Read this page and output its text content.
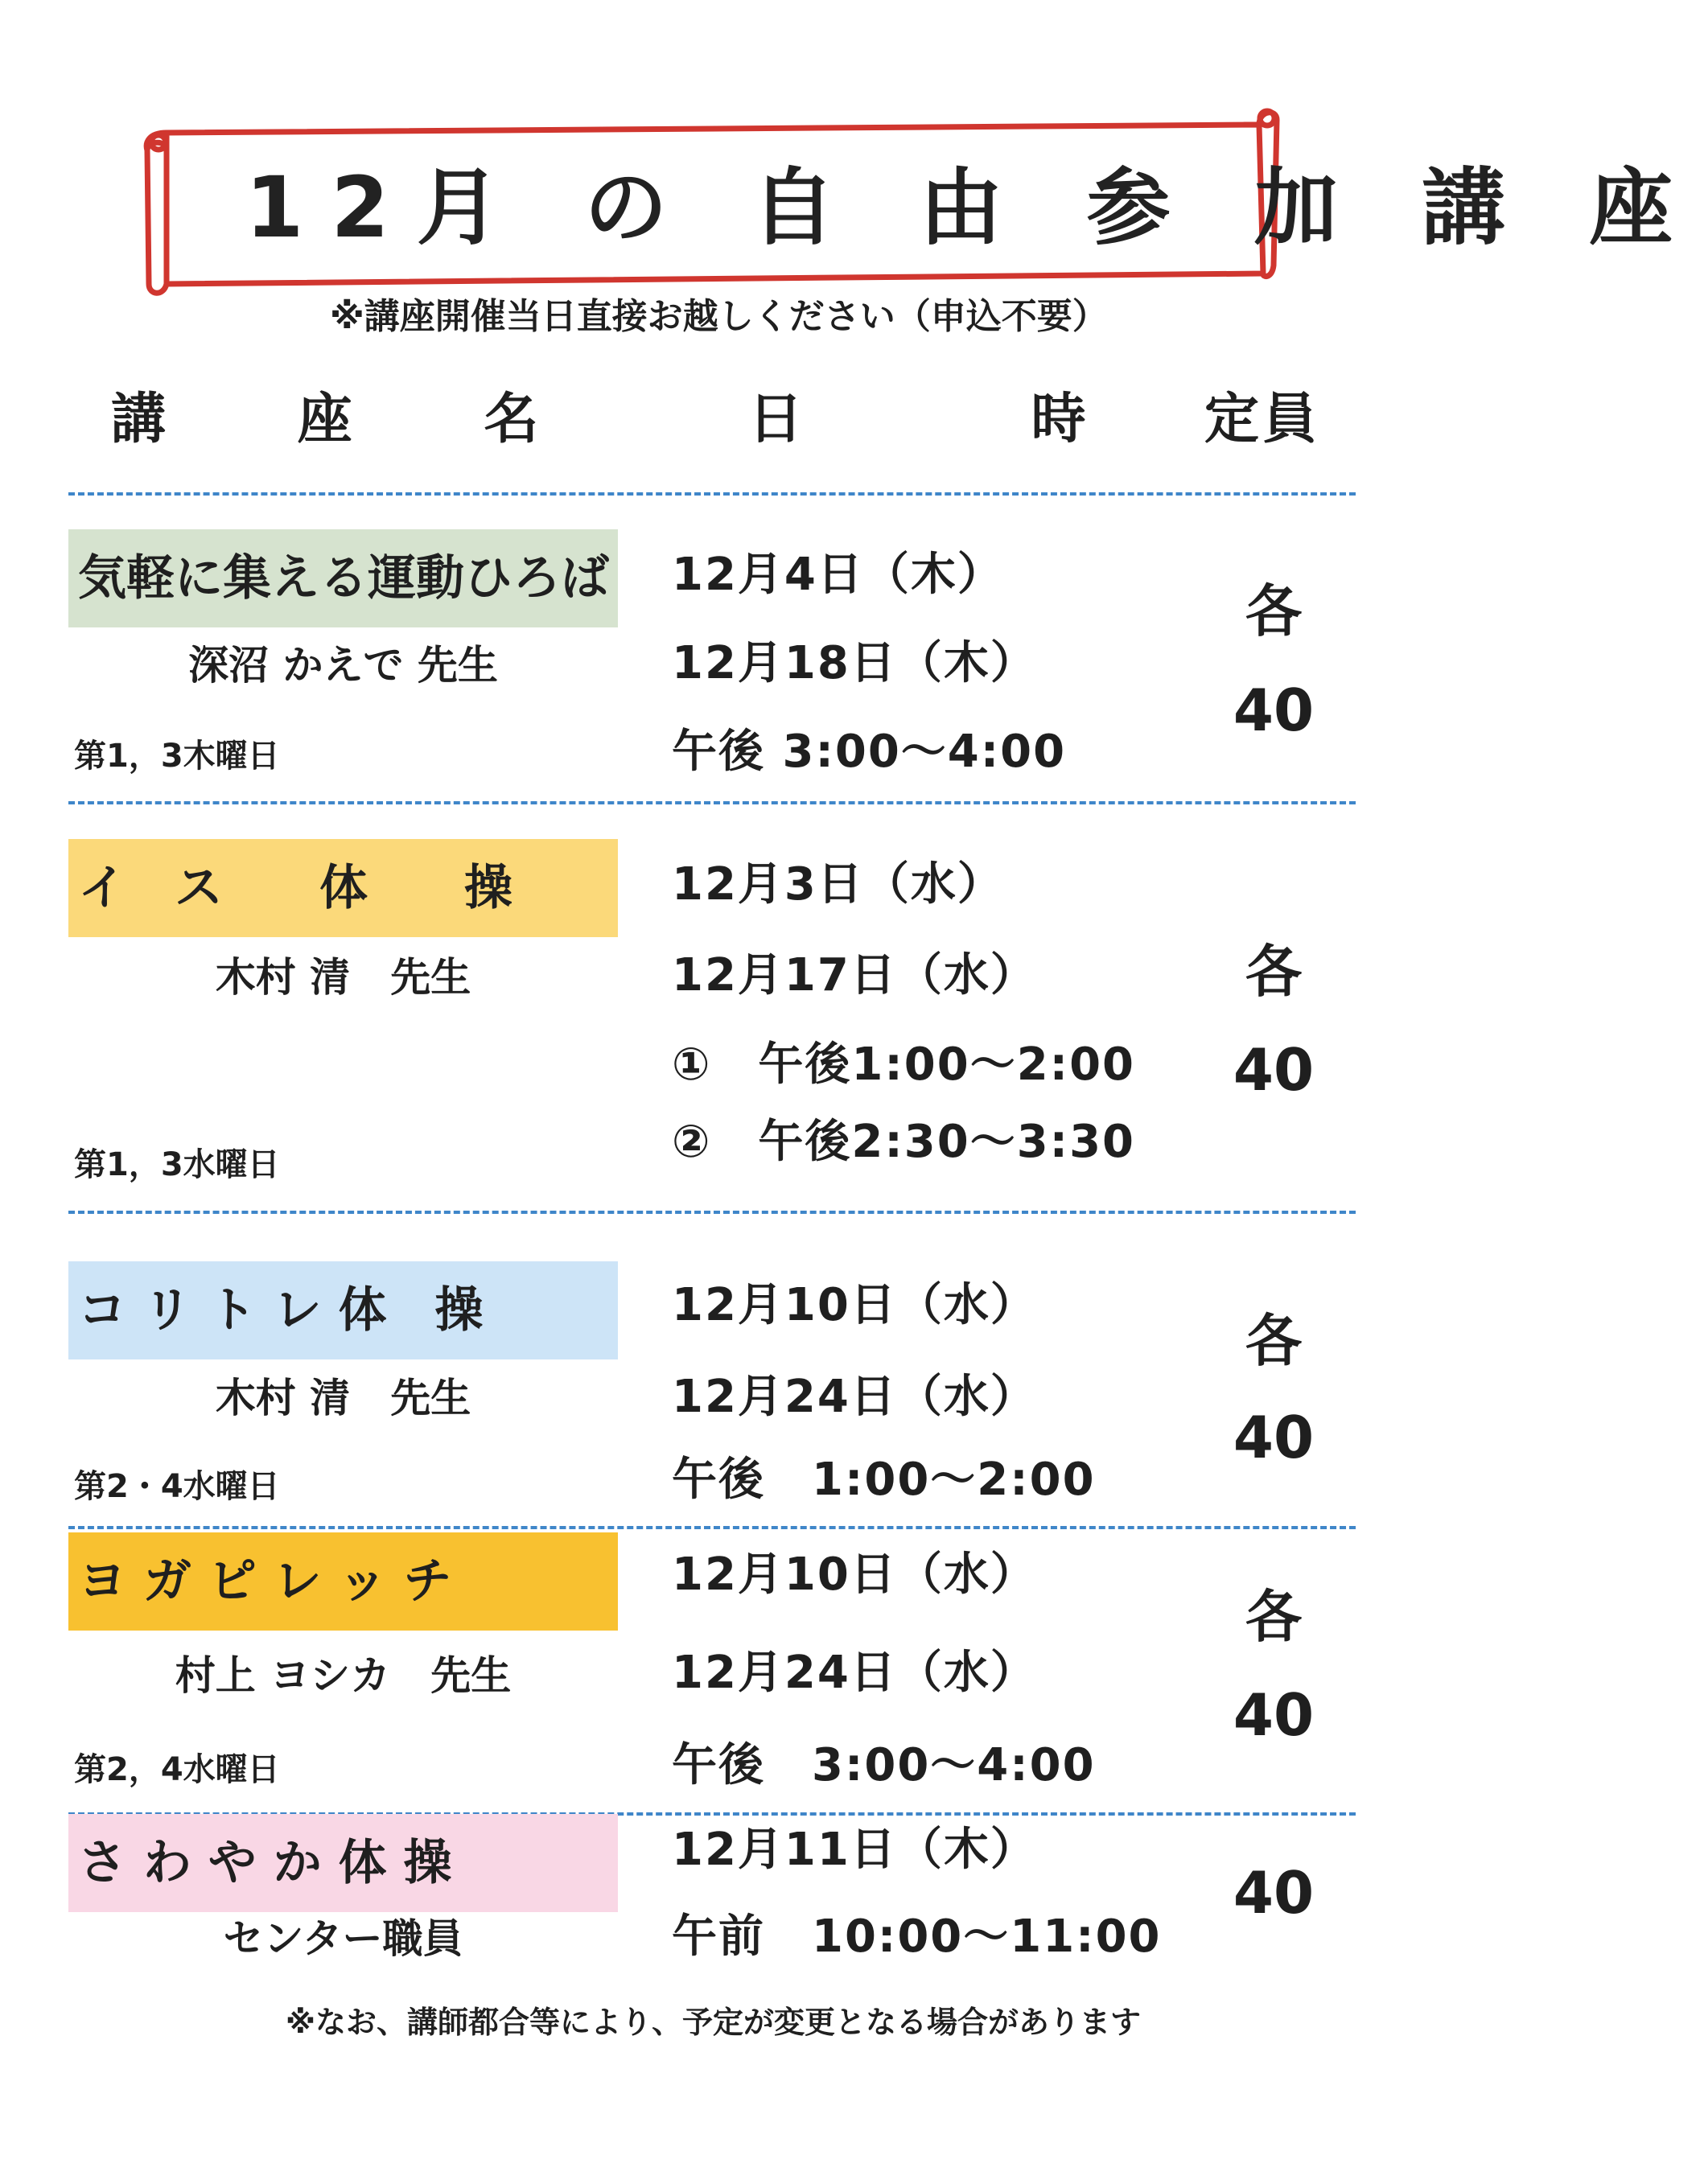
12月 の 自 由 参 加 講 座
※講座開催当日直接お越しください（申込不要）
講 座 名	日 時 定員
気軽に集える運動ひろば
深沼 かえで 先生
第1，3木曜日
12月4日（木）
12月18日（木）
午後 3:00～4:00
各
40
イ　ス　　体　　操
木村 清　先生
第1，3水曜日
12月3日（水）
12月17日（水）
①　午後1:00～2:00
②　午後2:30～3:30
各
40
コ リ ト レ 体　操
木村 清　先生
第2・4水曜日
12月10日（水）
12月24日（水）
午後　1:00～2:00
各
40
ヨ ガ ピ レ ッ チ
村上 ヨシカ　先生
第2，4水曜日
12月10日（水）
12月24日（水）
午後　3:00～4:00
各
40
さ わ や か 体 操
センター職員
12月11日（木）
午前　10:00～11:00
40
※なお、講師都合等により、予定が変更となる場合があります
